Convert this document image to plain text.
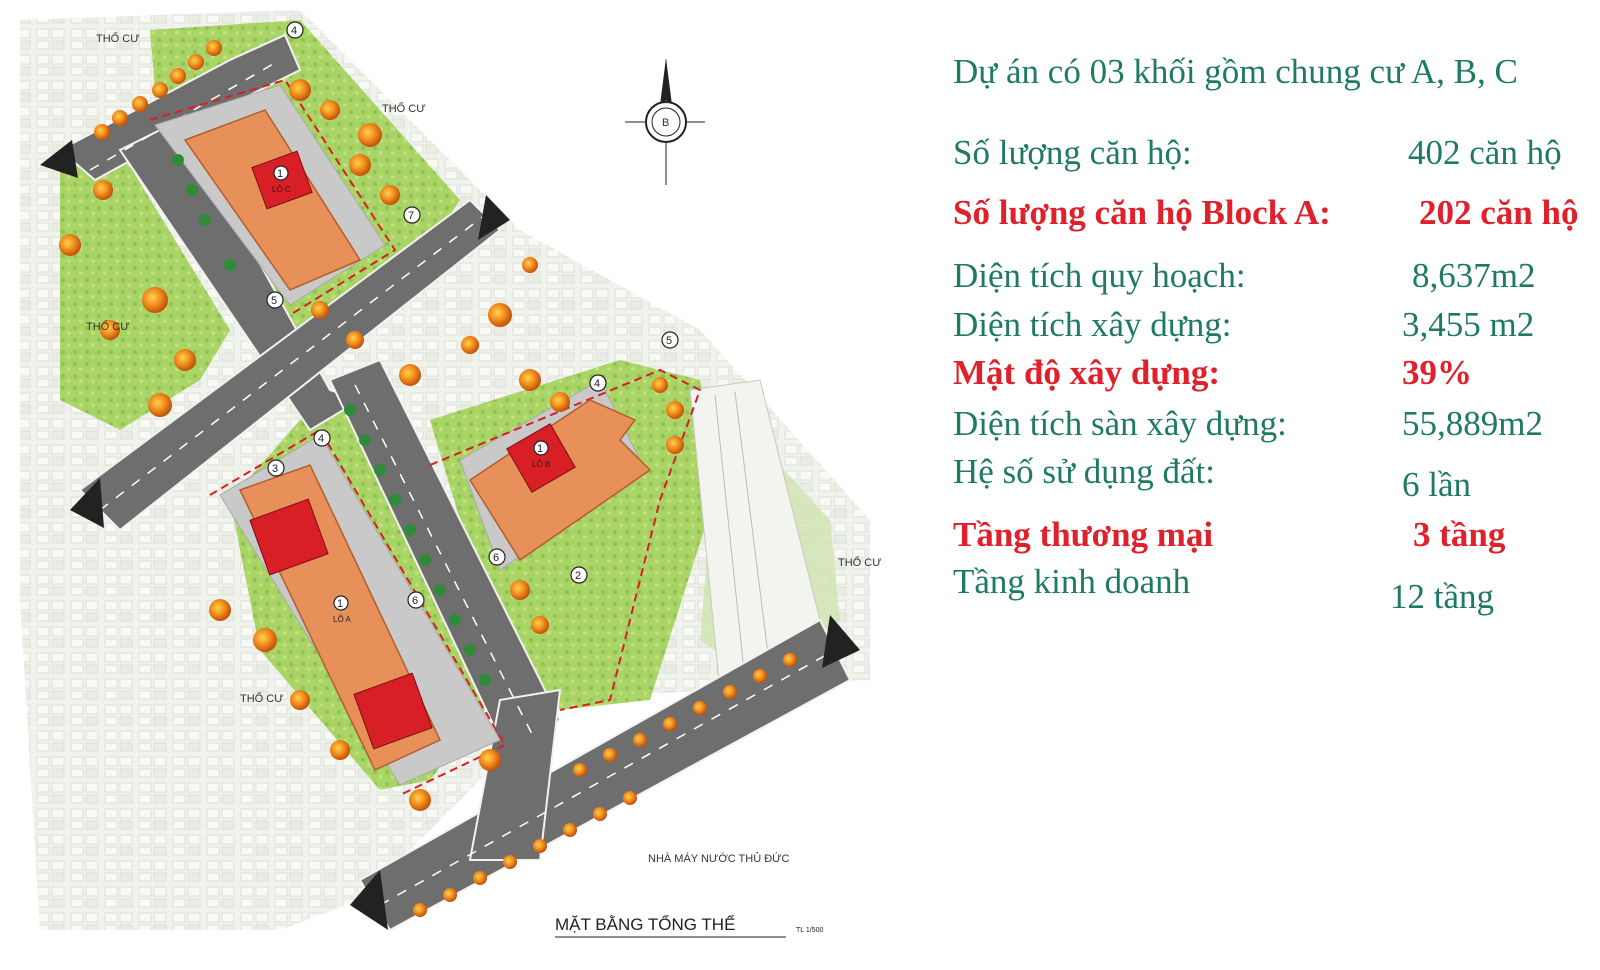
1
LÔ C
1
LÔ B
1
LÔ A
4
7
5
5
4
3
4
6
2
6
B
THỔ CƯ
THỔ CƯ
THỔ CƯ
THỔ CƯ
THỔ CƯ
NHÀ MÁY NƯỚC THỦ ĐỨC
MẶT BẰNG TỔNG THỂ	TL 1/500
Dự án có 03 khối gồm chung cư A, B, C
Số lượng căn hộ:	402 căn hộ
Số lượng căn hộ Block A:	202 căn hộ
Diện tích quy hoạch:	8,637m2
Diện tích xây dựng:	3,455 m2
Mật độ xây dựng:	39%
Diện tích sàn xây dựng:	55,889m2
Hệ số sử dụng đất:	6 lần
Tầng thương mại	3 tầng
Tầng kinh doanh	12 tầng
